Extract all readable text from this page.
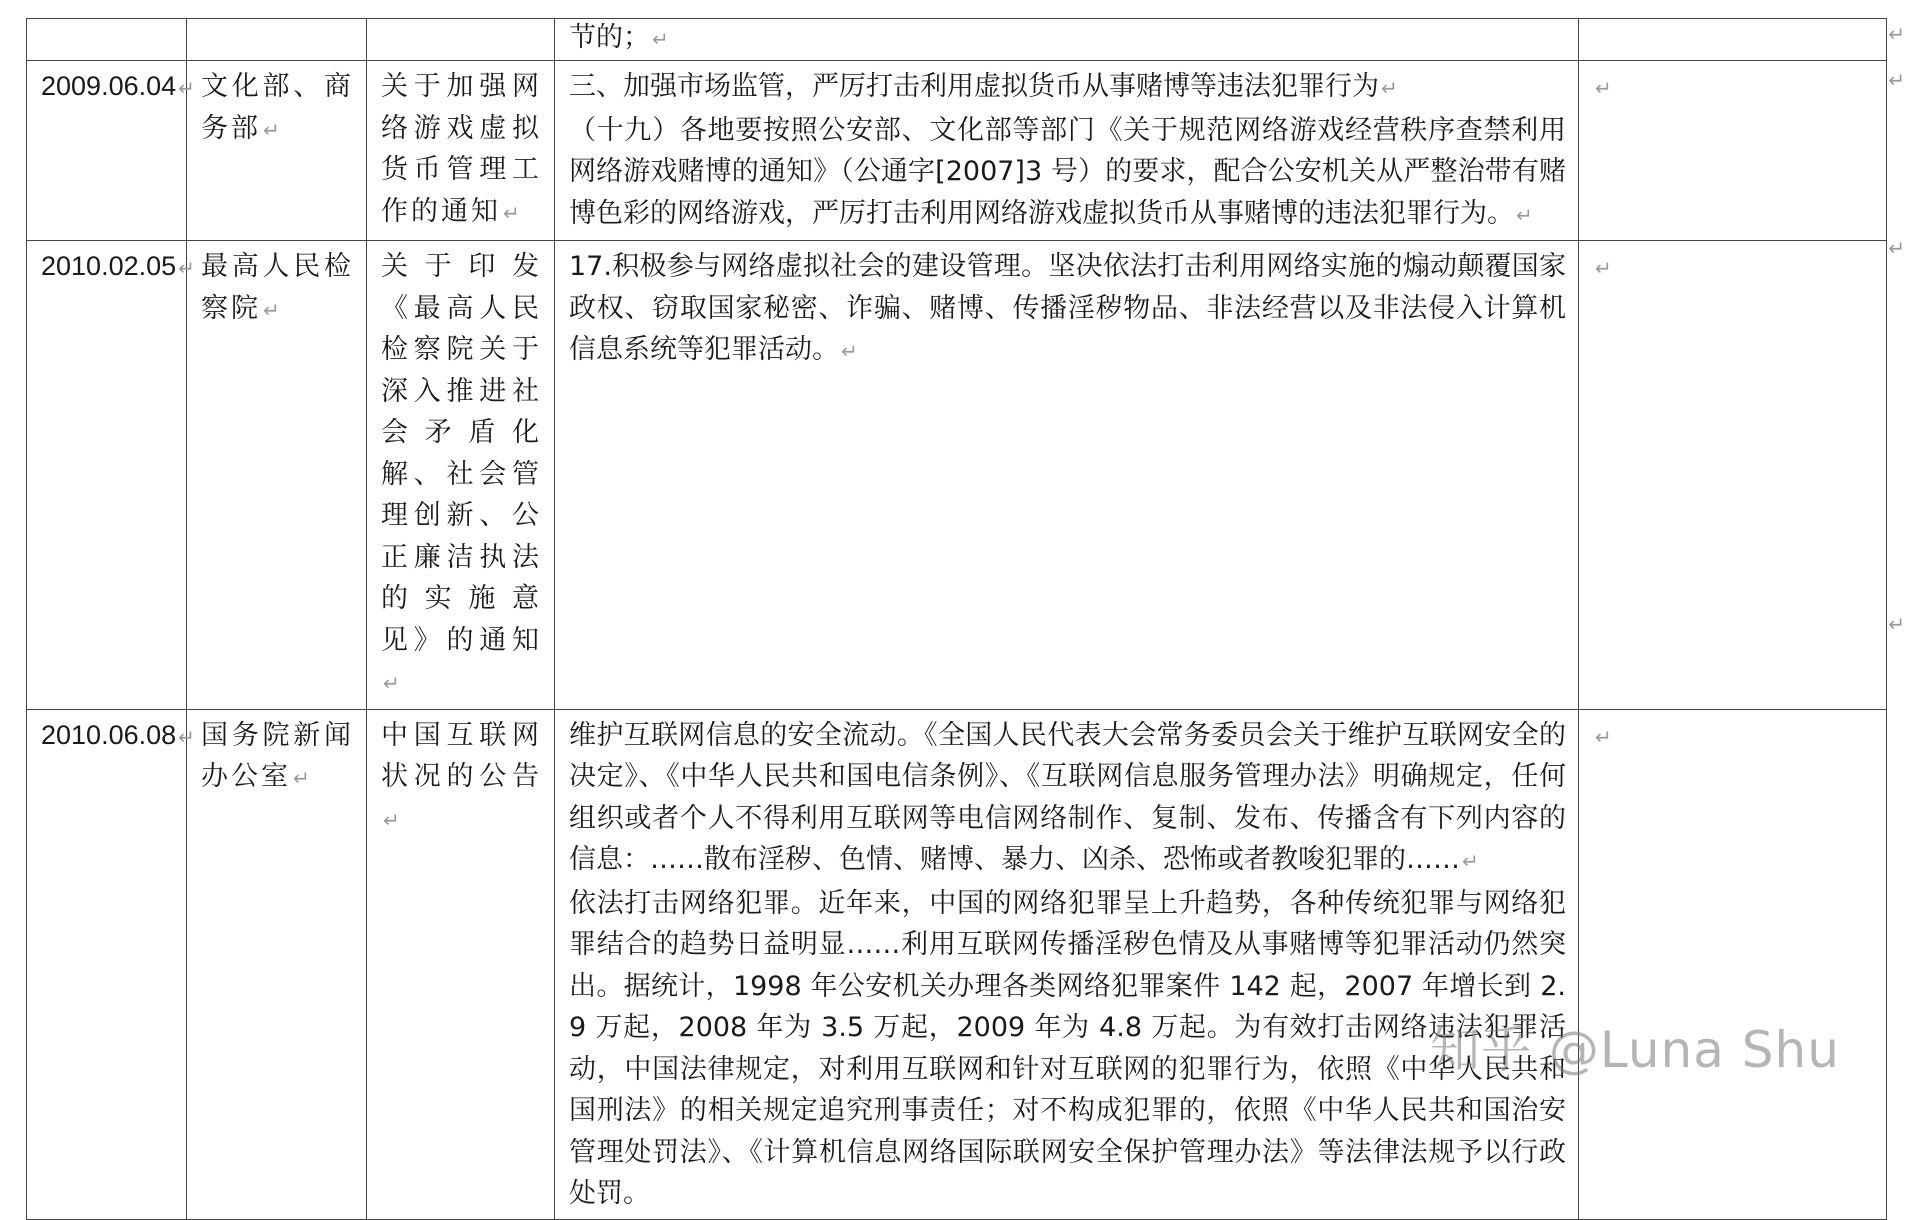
			节的； ↵	

2009.06.04 ↵	文化部、商务部 ↵	关于加强网络游戏虚拟货币管理工作的通知 ↵	三、加强市场监管，严厉打击利用虚拟货币从事赌博等违法犯罪行为 ↵
（十九）各地要按照公安部、文化部等部门《关于规范网络游戏经营秩序查禁利用网络游戏赌博的通知》（公通字[2007]3 号）的要求，配合公安机关从严整治带有赌博色彩的网络游戏，严厉打击利用网络游戏虚拟货币从事赌博的违法犯罪行为。 ↵	↵
2010.02.05 ↵	最高人民检察院 ↵	关于印发《最高人民检察院关于深入推进社会矛盾化解、社会管理创新、公正廉洁执法的实施意见》的通知↵	17.积极参与网络虚拟社会的建设管理。坚决依法打击利用网络实施的煽动颠覆国家政权、窃取国家秘密、诈骗、赌博、传播淫秽物品、非法经营以及非法侵入计算机信息系统等犯罪活动。 ↵	↵
2010.06.08 ↵	国务院新闻办公室 ↵	中国互联网状况的公告↵	维护互联网信息的安全流动。《全国人民代表大会常务委员会关于维护互联网安全的决定》、《中华人民共和国电信条例》、《互联网信息服务管理办法》明确规定，任何组织或者个人不得利用互联网等电信网络制作、复制、发布、传播含有下列内容的信息：……散布淫秽、色情、赌博、暴力、凶杀、恐怖或者教唆犯罪的…… ↵
依法打击网络犯罪。近年来，中国的网络犯罪呈上升趋势，各种传统犯罪与网络犯罪结合的趋势日益明显……利用互联网传播淫秽色情及从事赌博等犯罪活动仍然突出。据统计，1998 年公安机关办理各类网络犯罪案件 142 起，2007 年增长到 2.9 万起，2008 年为 3.5 万起，2009 年为 4.8 万起。为有效打击网络违法犯罪活动，中国法律规定，对利用互联网和针对互联网的犯罪行为，依照《中华人民共和国刑法》的相关规定追究刑事责任；对不构成犯罪的，依照《中华人民共和国治安管理处罚法》、《计算机信息网络国际联网安全保护管理办法》等法律法规予以行政处罚。	↵
↵
↵
↵
↵
知乎 @Luna Shu
